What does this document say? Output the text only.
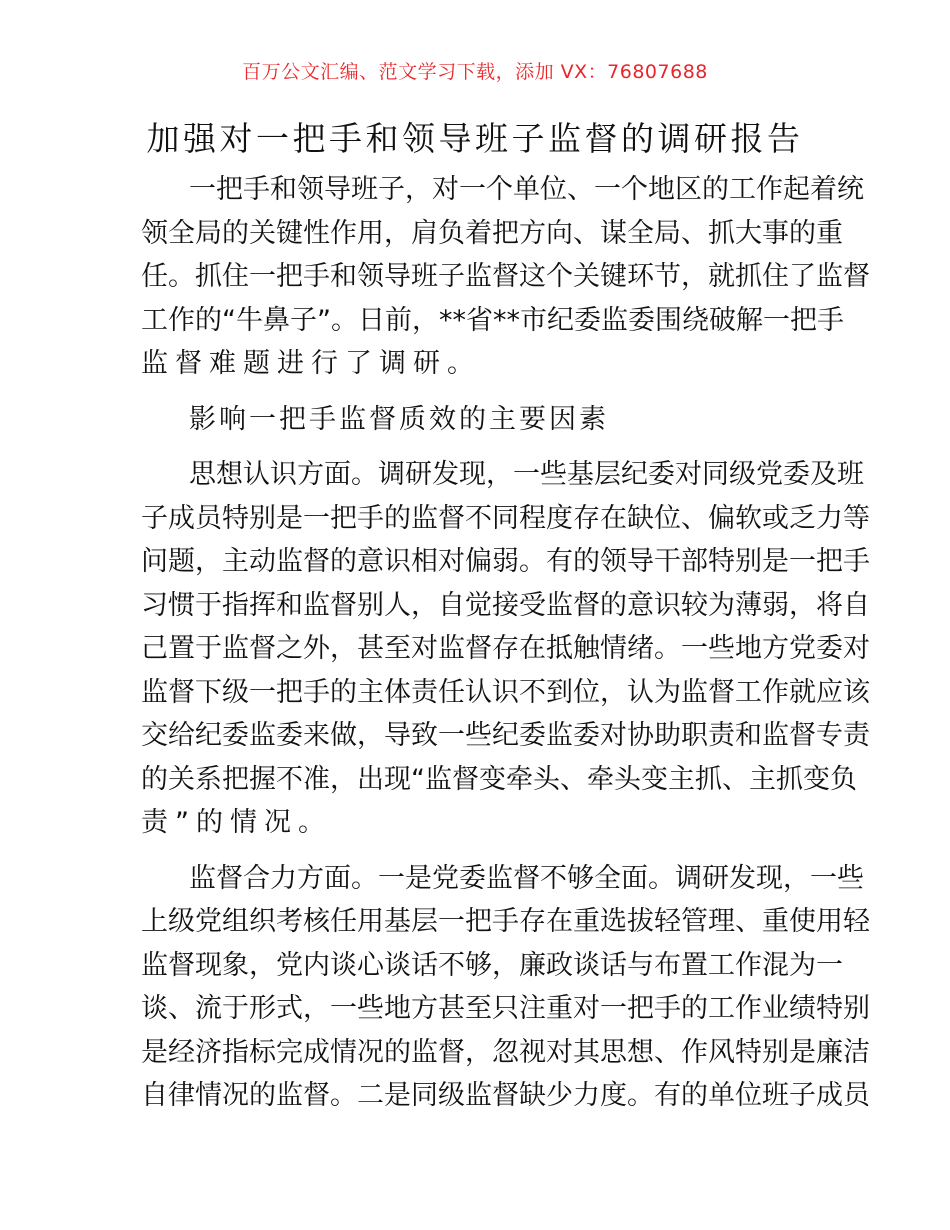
百万公文汇编、范文学习下载，添加 VX：76807688
加强对一把手和领导班子监督的调研报告
一把手和领导班子，对一个单位、一个地区的工作起着统
领全局的关键性作用，肩负着把方向、谋全局、抓大事的重
任。抓住一把手和领导班子监督这个关键环节，就抓住了监督
工作的“牛鼻子”。日前，**省**市纪委监委围绕破解一把手
监督难题进行了调研。
影响一把手监督质效的主要因素
思想认识方面。调研发现，一些基层纪委对同级党委及班
子成员特别是一把手的监督不同程度存在缺位、偏软或乏力等
问题，主动监督的意识相对偏弱。有的领导干部特别是一把手
习惯于指挥和监督别人，自觉接受监督的意识较为薄弱，将自
己置于监督之外，甚至对监督存在抵触情绪。一些地方党委对
监督下级一把手的主体责任认识不到位，认为监督工作就应该
交给纪委监委来做，导致一些纪委监委对协助职责和监督专责
的关系把握不准，出现“监督变牵头、牵头变主抓、主抓变负
责”的情况。
监督合力方面。一是党委监督不够全面。调研发现，一些
上级党组织考核任用基层一把手存在重选拔轻管理、重使用轻
监督现象，党内谈心谈话不够，廉政谈话与布置工作混为一
谈、流于形式，一些地方甚至只注重对一把手的工作业绩特别
是经济指标完成情况的监督，忽视对其思想、作风特别是廉洁
自律情况的监督。二是同级监督缺少力度。有的单位班子成员
